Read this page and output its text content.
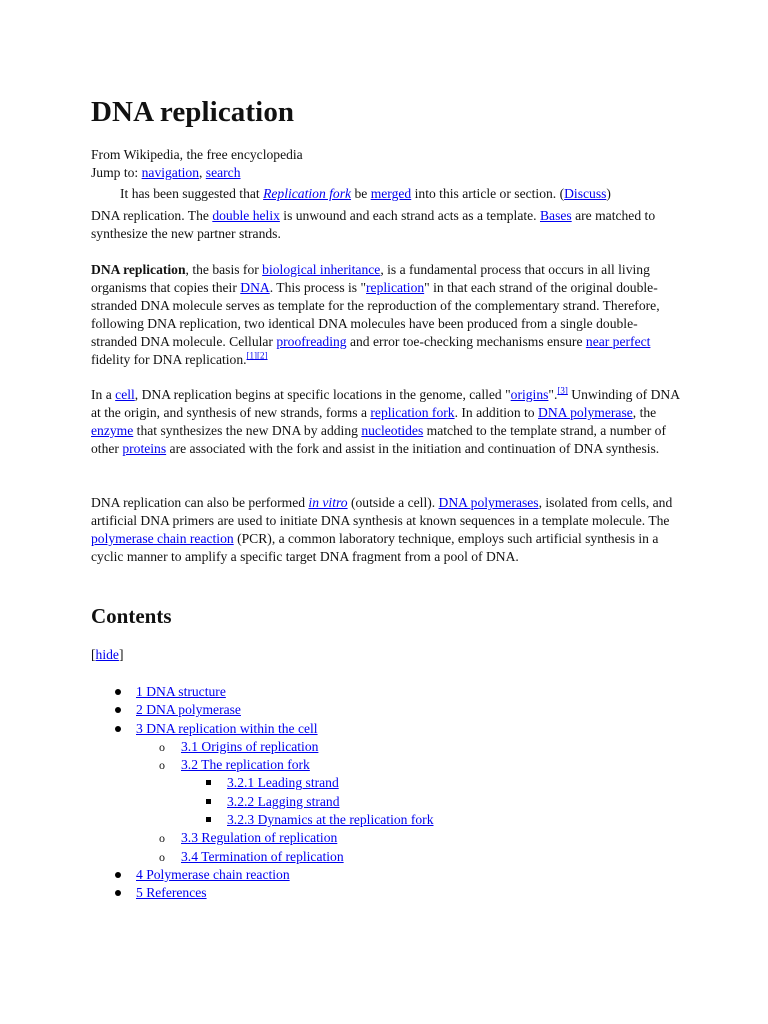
DNA replication
From Wikipedia, the free encyclopedia
Jump to: navigation, search
It has been suggested that Replication fork be merged into this article or section. (Discuss)
DNA replication. The double helix is unwound and each strand acts as a template. Bases are matched to synthesize the new partner strands.
DNA replication, the basis for biological inheritance, is a fundamental process that occurs in all living organisms that copies their DNA. This process is "replication" in that each strand of the original double-stranded DNA molecule serves as template for the reproduction of the complementary strand. Therefore, following DNA replication, two identical DNA molecules have been produced from a single double-stranded DNA molecule. Cellular proofreading and error toe-checking mechanisms ensure near perfect fidelity for DNA replication.[1][2]
In a cell, DNA replication begins at specific locations in the genome, called "origins".[3] Unwinding of DNA at the origin, and synthesis of new strands, forms a replication fork. In addition to DNA polymerase, the enzyme that synthesizes the new DNA by adding nucleotides matched to the template strand, a number of other proteins are associated with the fork and assist in the initiation and continuation of DNA synthesis.
DNA replication can also be performed in vitro (outside a cell). DNA polymerases, isolated from cells, and artificial DNA primers are used to initiate DNA synthesis at known sequences in a template molecule. The polymerase chain reaction (PCR), a common laboratory technique, employs such artificial synthesis in a cyclic manner to amplify a specific target DNA fragment from a pool of DNA.
Contents
[hide]
1 DNA structure
2 DNA polymerase
3 DNA replication within the cell
o 3.1 Origins of replication
o 3.2 The replication fork
3.2.1 Leading strand
3.2.2 Lagging strand
3.2.3 Dynamics at the replication fork
o 3.3 Regulation of replication
o 3.4 Termination of replication
4 Polymerase chain reaction
5 References
